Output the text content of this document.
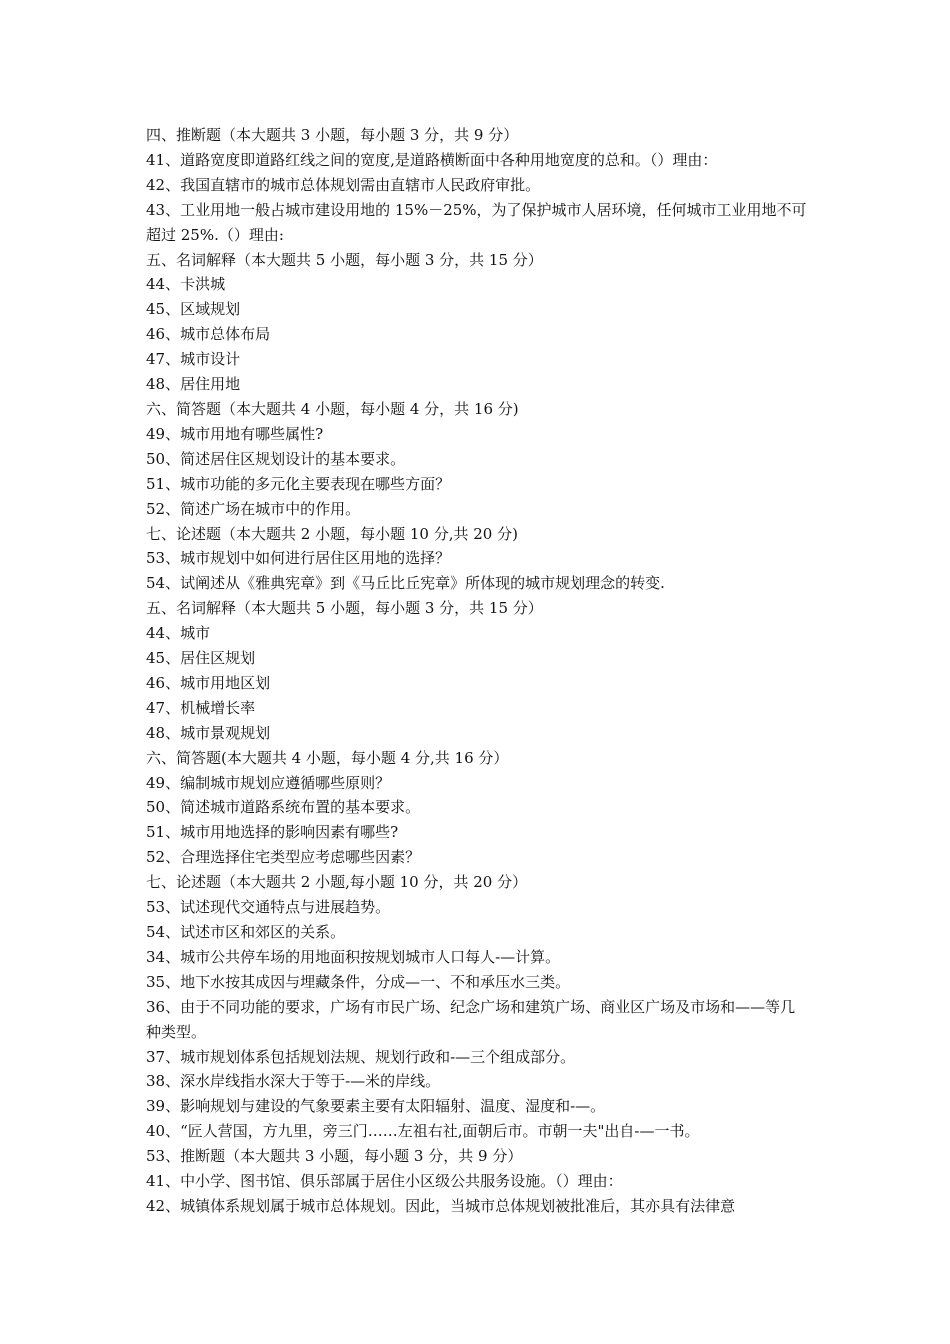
四、推断题（本大题共 3 小题，每小题 3 分，共 9 分）
41、道路宽度即道路红线之间的宽度,是道路横断面中各种用地宽度的总和。（）理由：
42、我国直辖市的城市总体规划需由直辖市人民政府审批。
43、工业用地一般占城市建设用地的 15%－25%，为了保护城市人居环境，任何城市工业用地不可超过 25%.（）理由:
五、名词解释（本大题共 5 小题，每小题 3 分，共 15 分）
44、卡洪城
45、区域规划
46、城市总体布局
47、城市设计
48、居住用地
六、简答题（本大题共 4 小题，每小题 4 分，共 16 分)
49、城市用地有哪些属性?
50、简述居住区规划设计的基本要求。
51、城市功能的多元化主要表现在哪些方面？
52、简述广场在城市中的作用。
七、论述题（本大题共 2 小题，每小题 10 分,共 20 分)
53、城市规划中如何进行居住区用地的选择？
54、试阐述从《雅典宪章》到《马丘比丘宪章》所体现的城市规划理念的转变.
五、名词解释（本大题共 5 小题，每小题 3 分，共 15 分）
44、城市
45、居住区规划
46、城市用地区划
47、机械增长率
48、城市景观规划
六、简答题(本大题共 4 小题，每小题 4 分,共 16 分）
49、编制城市规划应遵循哪些原则？
50、简述城市道路系统布置的基本要求。
51、城市用地选择的影响因素有哪些?
52、合理选择住宅类型应考虑哪些因素？
七、论述题（本大题共 2 小题,每小题 10 分，共 20 分）
53、试述现代交通特点与进展趋势。
54、试述市区和郊区的关系。
34、城市公共停车场的用地面积按规划城市人口每人-—计算。
35、地下水按其成因与埋藏条件，分成—一、不和承压水三类。
36、由于不同功能的要求，广场有市民广场、纪念广场和建筑广场、商业区广场及市场和——等几种类型。
37、城市规划体系包括规划法规、规划行政和-—三个组成部分。
38、深水岸线指水深大于等于-—米的岸线。
39、影响规划与建设的气象要素主要有太阳辐射、温度、湿度和-—。
40、“匠人营国，方九里，旁三门……左祖右社,面朝后市。市朝一夫"出自-—一书。
53、推断题（本大题共 3 小题，每小题 3 分，共 9 分）
41、中小学、图书馆、俱乐部属于居住小区级公共服务设施。（）理由：
42、城镇体系规划属于城市总体规划。因此，当城市总体规划被批准后，其亦具有法律意
